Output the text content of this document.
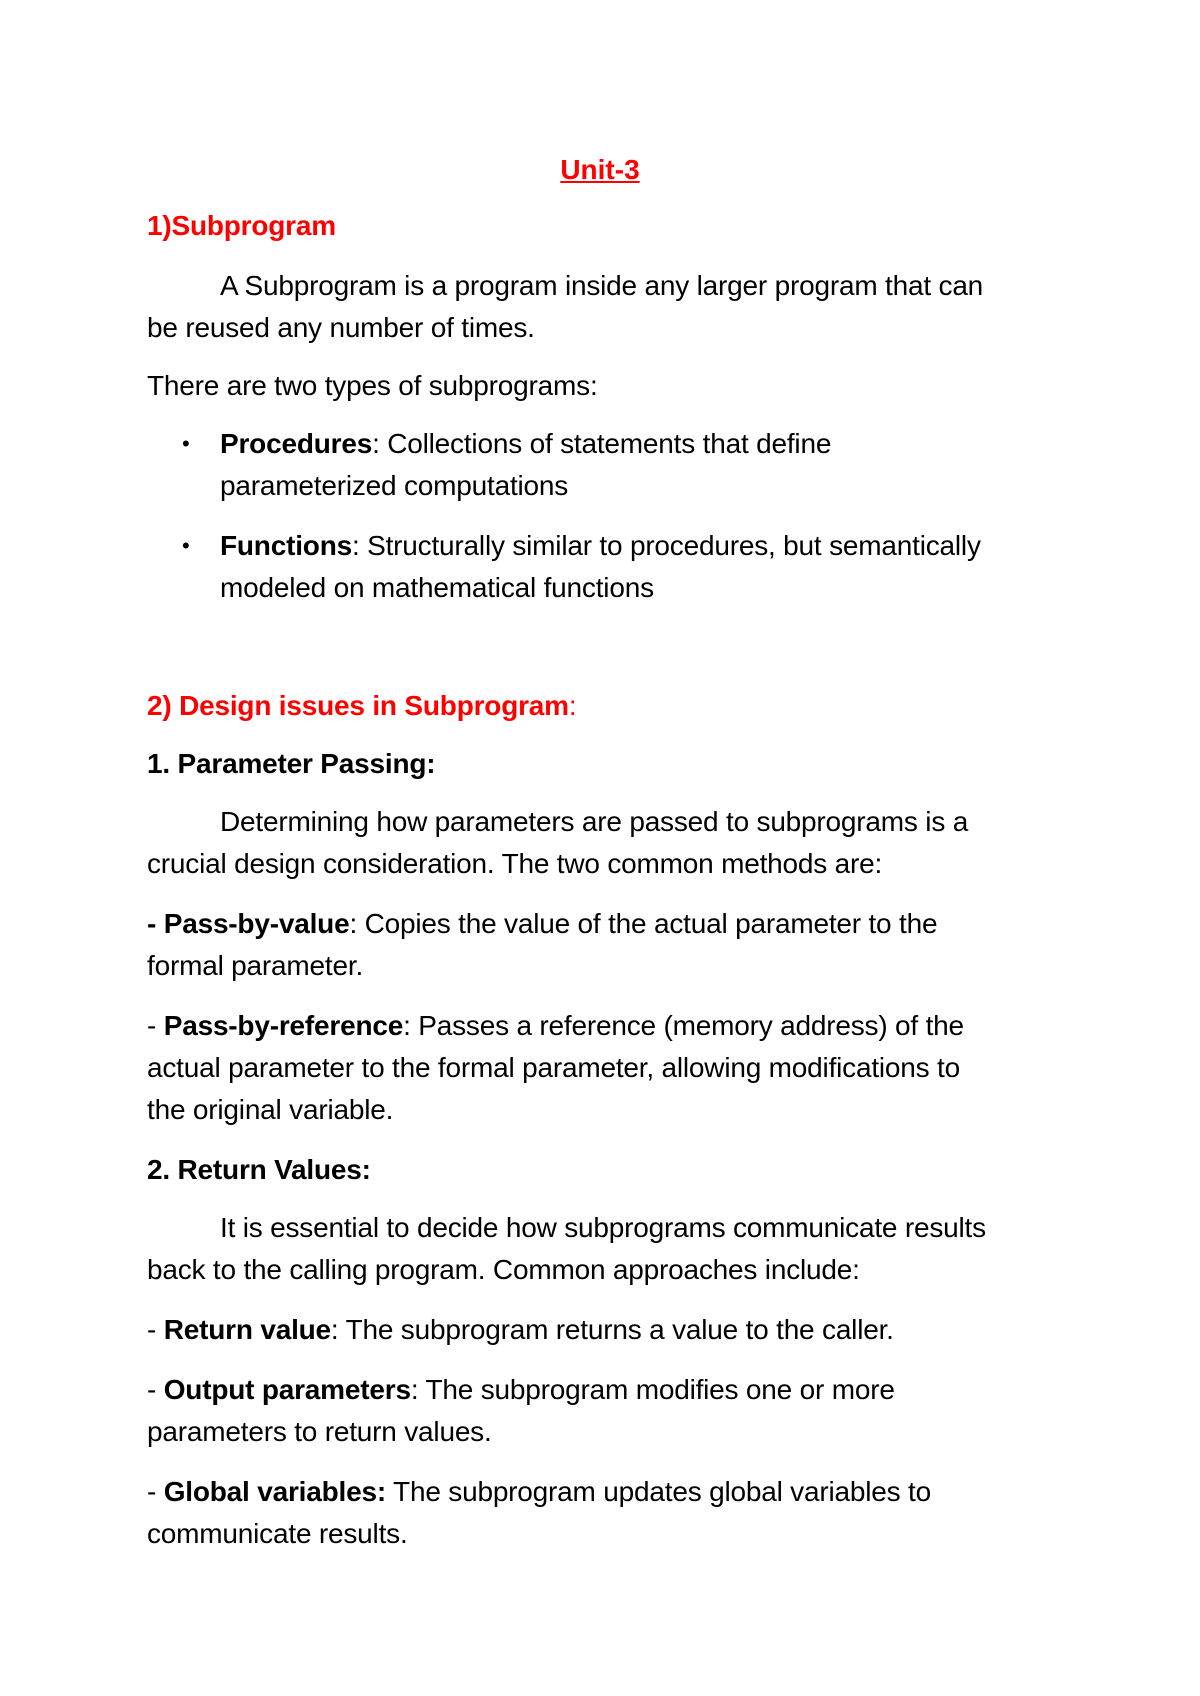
Unit-3

1)Subprogram

A Subprogram is a program inside any larger program that can

be reused any number of times.

There are two types of subprograms:

• Procedures: Collections of statements that define

parameterized computations

• Functions: Structurally similar to procedures, but semantically

modeled on mathematical functions

2) Design issues in Subprogram:

1. Parameter Passing:

Determining how parameters are passed to subprograms is a

crucial design consideration. The two common methods are:

- Pass-by-value: Copies the value of the actual parameter to the

formal parameter.

- Pass-by-reference: Passes a reference (memory address) of the

actual parameter to the formal parameter, allowing modifications to

the original variable.

2. Return Values:

It is essential to decide how subprograms communicate results

back to the calling program. Common approaches include:

- Return value: The subprogram returns a value to the caller.

- Output parameters: The subprogram modifies one or more

parameters to return values.

- Global variables: The subprogram updates global variables to

communicate results.
